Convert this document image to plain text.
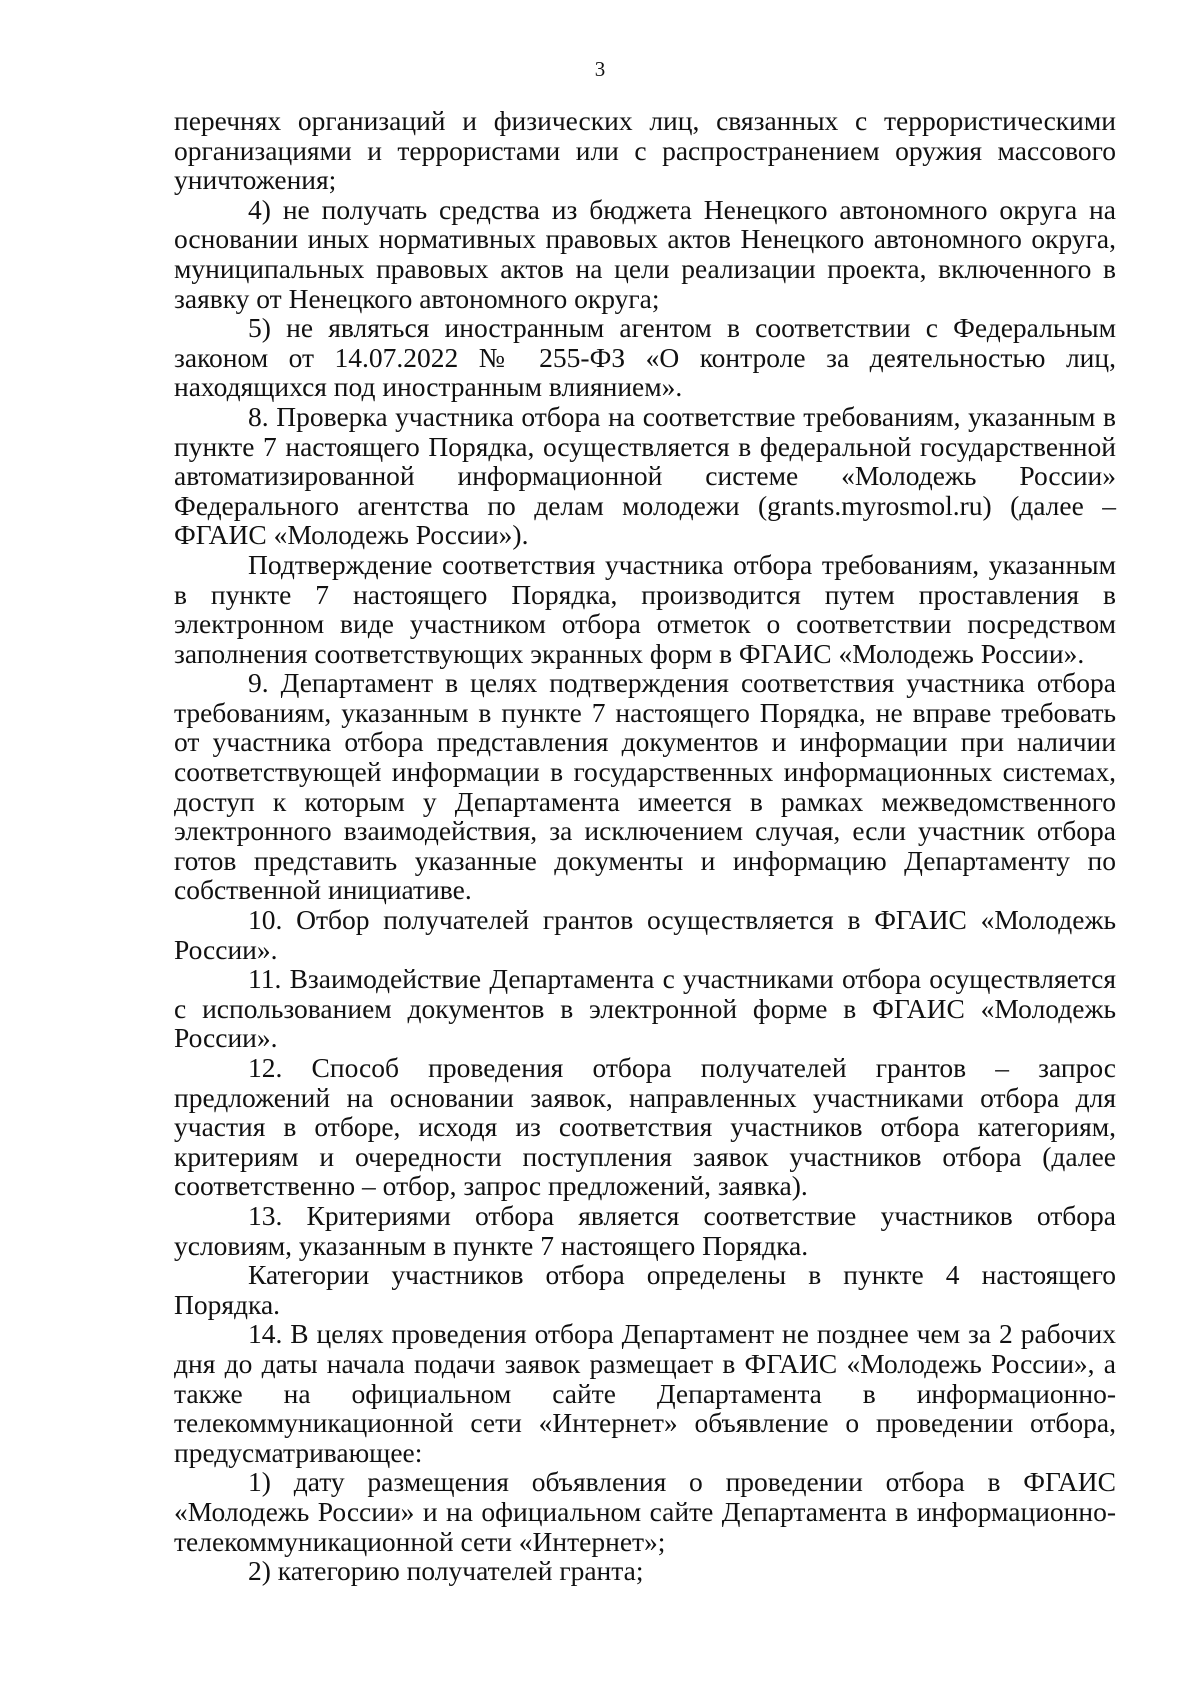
3

перечнях организаций и физических лиц, связанных с террористическими организациями и террористами или с распространением оружия массового уничтожения;

4) не получать средства из бюджета Ненецкого автономного округа на основании иных нормативных правовых актов Ненецкого автономного округа, муниципальных правовых актов на цели реализации проекта, включенного в заявку от Ненецкого автономного округа;

5) не являться иностранным агентом в соответствии с Федеральным законом от 14.07.2022 № 255-ФЗ «О контроле за деятельностью лиц, находящихся под иностранным влиянием».

8. Проверка участника отбора на соответствие требованиям, указанным в пункте 7 настоящего Порядка, осуществляется в федеральной государственной автоматизированной информационной системе «Молодежь России» Федерального агентства по делам молодежи (grants.myrosmol.ru) (далее – ФГАИС «Молодежь России»).

Подтверждение соответствия участника отбора требованиям, указанным в пункте 7 настоящего Порядка, производится путем проставления в электронном виде участником отбора отметок о соответствии посредством заполнения соответствующих экранных форм в ФГАИС «Молодежь России».

9. Департамент в целях подтверждения соответствия участника отбора требованиям, указанным в пункте 7 настоящего Порядка, не вправе требовать от участника отбора представления документов и информации при наличии соответствующей информации в государственных информационных системах, доступ к которым у Департамента имеется в рамках межведомственного электронного взаимодействия, за исключением случая, если участник отбора готов представить указанные документы и информацию Департаменту по собственной инициативе.

10. Отбор получателей грантов осуществляется в ФГАИС «Молодежь России».

11. Взаимодействие Департамента с участниками отбора осуществляется с использованием документов в электронной форме в ФГАИС «Молодежь России».

12. Способ проведения отбора получателей грантов – запрос предложений на основании заявок, направленных участниками отбора для участия в отборе, исходя из соответствия участников отбора категориям, критериям и очередности поступления заявок участников отбора (далее соответственно – отбор, запрос предложений, заявка).

13. Критериями отбора является соответствие участников отбора условиям, указанным в пункте 7 настоящего Порядка.

Категории участников отбора определены в пункте 4 настоящего Порядка.

14. В целях проведения отбора Департамент не позднее чем за 2 рабочих дня до даты начала подачи заявок размещает в ФГАИС «Молодежь России», а также на официальном сайте Департамента в информационно-телекоммуникационной сети «Интернет» объявление о проведении отбора, предусматривающее:

1) дату размещения объявления о проведении отбора в ФГАИС «Молодежь России» и на официальном сайте Департамента в информационно-телекоммуникационной сети «Интернет»;

2) категорию получателей гранта;
